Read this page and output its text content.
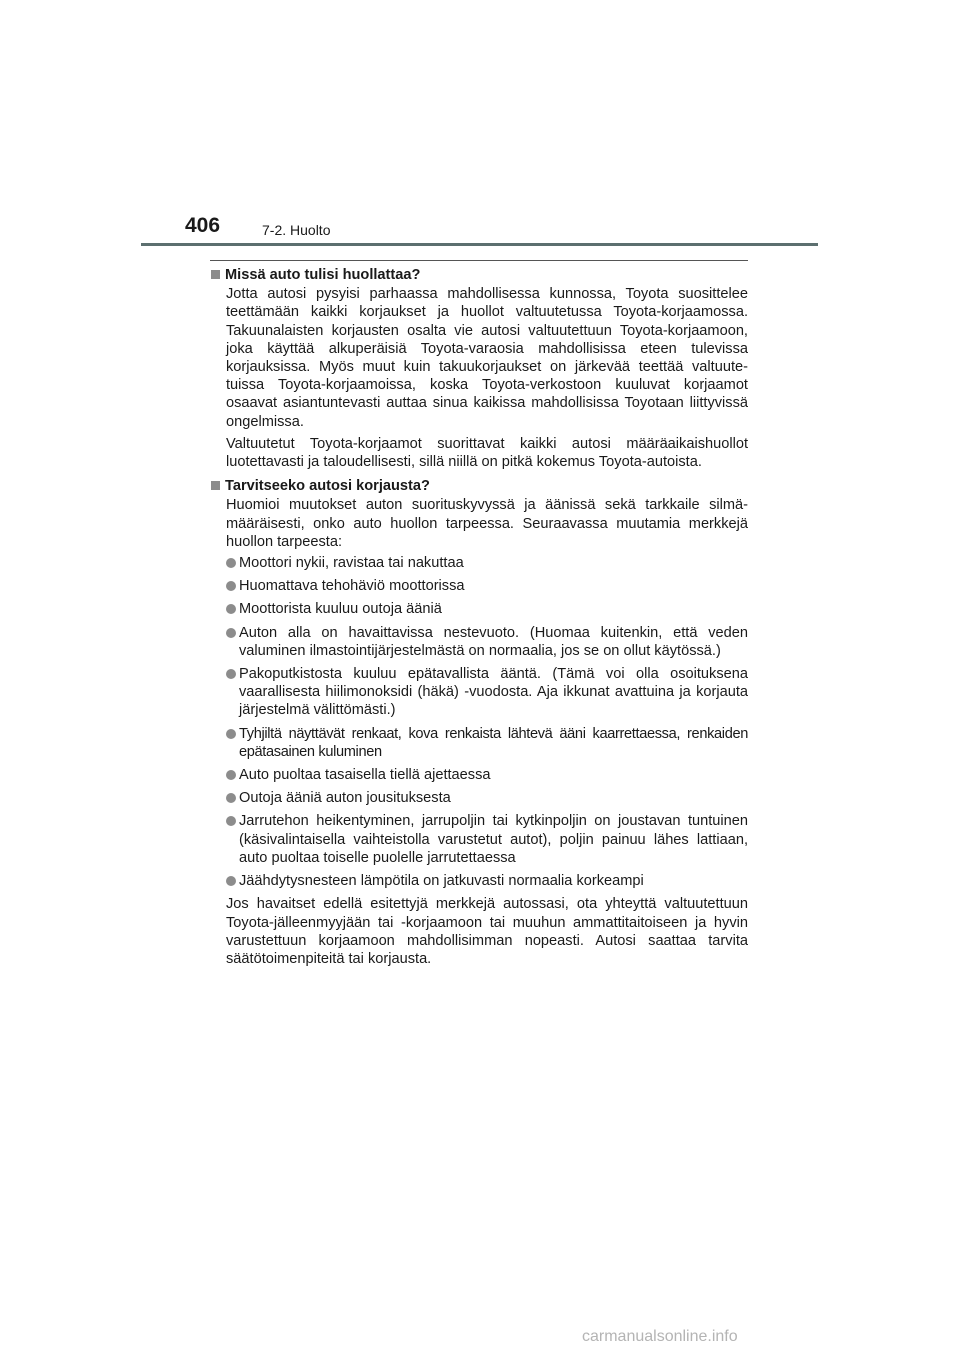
406	7-2. Huolto

Missä auto tulisi huollattaa?

Jotta autosi pysyisi parhaassa mahdollisessa kunnossa, Toyota suosittelee teettämään kaikki korjaukset ja huollot valtuutetussa Toyota-korjaamossa. Takuunalaisten korjausten osalta vie autosi valtuutettuun Toyota-korjaamoon, joka käyttää alkuperäisiä Toyota-varaosia mahdollisissa eteen tulevissa korjauksissa. Myös muut kuin takuukorjaukset on järkevää teettää valtuute-tuissa Toyota-korjaamoissa, koska Toyota-verkostoon kuuluvat korjaamot osaavat asiantuntevasti auttaa sinua kaikissa mahdollisissa Toyotaan liittyvissä ongelmissa.

Valtuutetut Toyota-korjaamot suorittavat kaikki autosi määräaikaishuollot luotettavasti ja taloudellisesti, sillä niillä on pitkä kokemus Toyota-autoista.

Tarvitseeko autosi korjausta?

Huomioi muutokset auton suorituskyvyssä ja äänissä sekä tarkkaile silmä-määräisesti, onko auto huollon tarpeessa. Seuraavassa muutamia merkkejä huollon tarpeesta:

Moottori nykii, ravistaa tai nakuttaa
Huomattava tehohäviö moottorissa
Moottorista kuuluu outoja ääniä
Auton alla on havaittavissa nestevuoto. (Huomaa kuitenkin, että veden valuminen ilmastointijärjestelmästä on normaalia, jos se on ollut käytössä.)
Pakoputkistosta kuuluu epätavallista ääntä. (Tämä voi olla osoituksena vaarallisesta hiilimonoksidi (häkä) -vuodosta. Aja ikkunat avattuina ja korjauta järjestelmä välittömästi.)
Tyhjiltä näyttävät renkaat, kova renkaista lähtevä ääni kaarrettaessa, renkaiden epätasainen kuluminen
Auto puoltaa tasaisella tiellä ajettaessa
Outoja ääniä auton jousituksesta
Jarrutehon heikentyminen, jarrupoljin tai kytkinpoljin on joustavan tuntuinen (käsivalintaisella vaihteistolla varustetut autot), poljin painuu lähes lattiaan, auto puoltaa toiselle puolelle jarrutettaessa
Jäähdytysnesteen lämpötila on jatkuvasti normaalia korkeampi

Jos havaitset edellä esitettyjä merkkejä autossasi, ota yhteyttä valtuutettuun Toyota-jälleenmyyjään tai -korjaamoon tai muuhun ammattitaitoiseen ja hyvin varustettuun korjaamoon mahdollisimman nopeasti. Autosi saattaa tarvita säätötoimenpiteitä tai korjausta.

carmanualsonline.info
